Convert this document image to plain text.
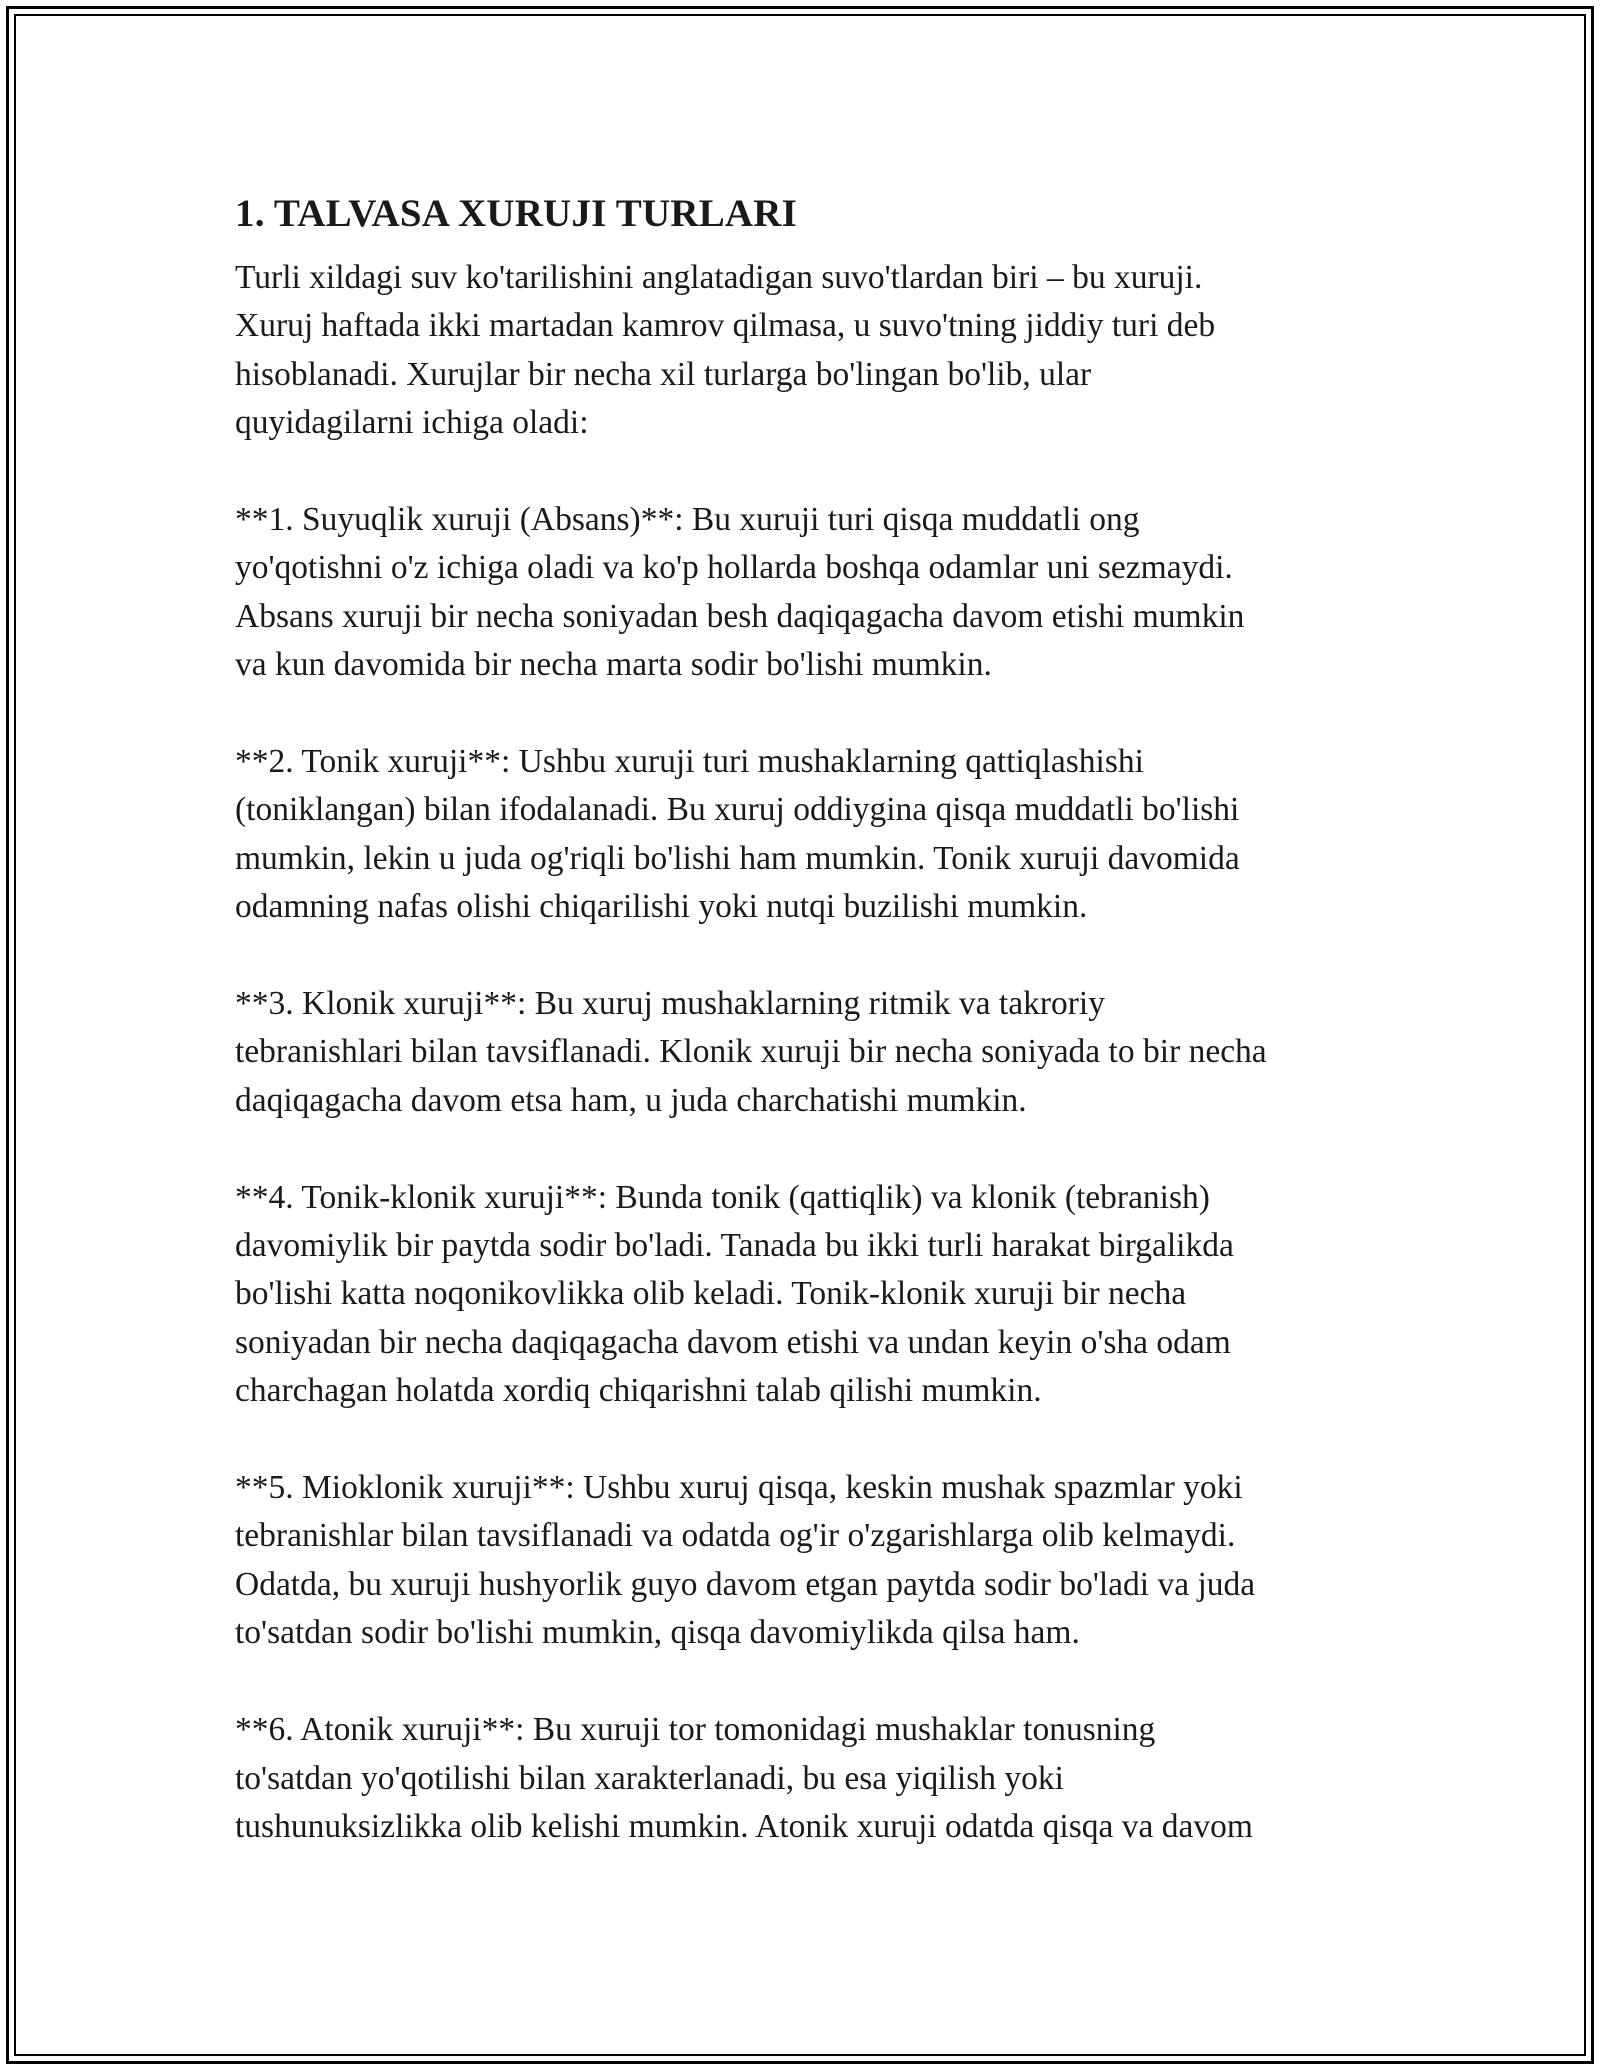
1. TALVASA XURUJI TURLARI
Turli xildagi suv ko'tarilishini anglatadigan suvo'tlardan biri – bu xuruji.
Xuruj haftada ikki martadan kamrov qilmasa, u suvo'tning jiddiy turi deb
hisoblanadi. Xurujlar bir necha xil turlarga bo'lingan bo'lib, ular
quyidagilarni ichiga oladi:
**1. Suyuqlik xuruji (Absans)**: Bu xuruji turi qisqa muddatli ong
yo'qotishni o'z ichiga oladi va ko'p hollarda boshqa odamlar uni sezmaydi.
Absans xuruji bir necha soniyadan besh daqiqagacha davom etishi mumkin
va kun davomida bir necha marta sodir bo'lishi mumkin.
**2. Tonik xuruji**: Ushbu xuruji turi mushaklarning qattiqlashishi
(toniklangan) bilan ifodalanadi. Bu xuruj oddiygina qisqa muddatli bo'lishi
mumkin, lekin u juda og'riqli bo'lishi ham mumkin. Tonik xuruji davomida
odamning nafas olishi chiqarilishi yoki nutqi buzilishi mumkin.
**3. Klonik xuruji**: Bu xuruj mushaklarning ritmik va takroriy
tebranishlari bilan tavsiflanadi. Klonik xuruji bir necha soniyada to bir necha
daqiqagacha davom etsa ham, u juda charchatishi mumkin.
**4. Tonik-klonik xuruji**: Bunda tonik (qattiqlik) va klonik (tebranish)
davomiylik bir paytda sodir bo'ladi. Tanada bu ikki turli harakat birgalikda
bo'lishi katta noqonikovlikka olib keladi. Tonik-klonik xuruji bir necha
soniyadan bir necha daqiqagacha davom etishi va undan keyin o'sha odam
charchagan holatda xordiq chiqarishni talab qilishi mumkin.
**5. Mioklonik xuruji**: Ushbu xuruj qisqa, keskin mushak spazmlar yoki
tebranishlar bilan tavsiflanadi va odatda og'ir o'zgarishlarga olib kelmaydi.
Odatda, bu xuruji hushyorlik guyo davom etgan paytda sodir bo'ladi va juda
to'satdan sodir bo'lishi mumkin, qisqa davomiylikda qilsa ham.
**6. Atonik xuruji**: Bu xuruji tor tomonidagi mushaklar tonusning
to'satdan yo'qotilishi bilan xarakterlanadi, bu esa yiqilish yoki
tushunuksizlikka olib kelishi mumkin. Atonik xuruji odatda qisqa va davom
